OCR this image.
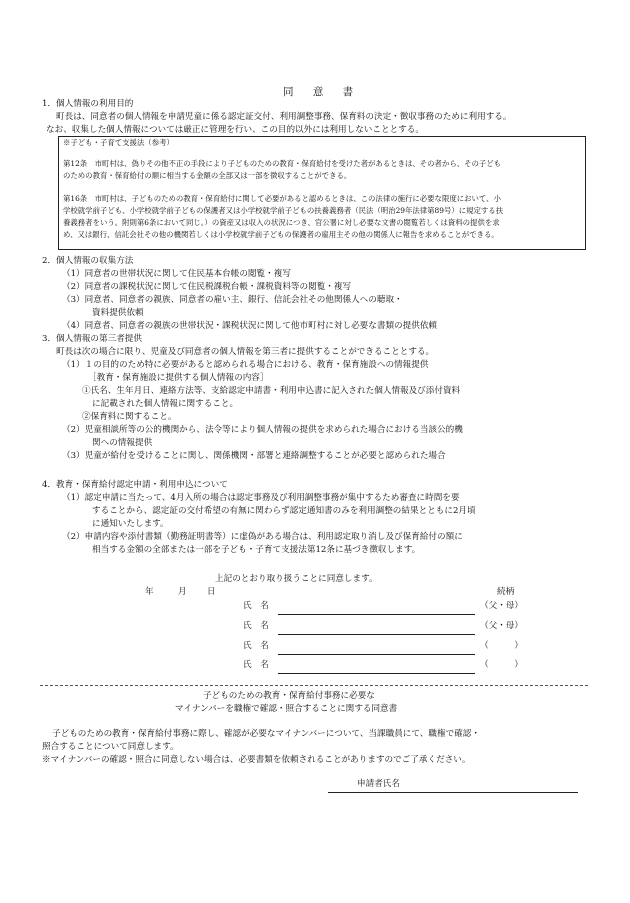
同 意 書
1．個人情報の利用目的
町長は、同意者の個人情報を申請児童に係る認定証交付、利用調整事務、保育料の決定・徴収事務のために利用する。
なお、収集した個人情報については厳正に管理を行い、この目的以外には利用しないこととする。
※子ども・子育て支援法（参考）
第12条　市町村は、偽りその他不正の手段により子どものための教育・保育給付を受けた者があるときは、その者から、その子ども
のための教育・保育給付の額に相当する金額の全部又は一部を徴収することができる。
第16条　市町村は、子どものための教育・保育給付に関して必要があると認めるときは、この法律の施行に必要な限度において、小
学校就学前子ども、小学校就学前子どもの保護者又は小学校就学前子どもの扶養義務者（民法（明治29年法律第89号）に規定する扶
養義務者をいう。附則第6条において同じ。）の資産又は収入の状況につき、官公署に対し必要な文書の閲覧若しくは資料の提供を求
め、又は銀行、信託会社その他の機関若しくは小学校就学前子どもの保護者の雇用主その他の関係人に報告を求めることができる。
2．個人情報の収集方法
（1）同意者の世帯状況に関して住民基本台帳の閲覧・複写
（2）同意者の課税状況に関して住民税課税台帳・課税資料等の閲覧・複写
（3）同意者、同意者の親族、同意者の雇い主、銀行、信託会社その他関係人への聴取・
資料提供依頼
（4）同意者、同意者の親族の世帯状況・課税状況に関して他市町村に対し必要な書類の提供依頼
3．個人情報の第三者提供
町長は次の場合に限り、児童及び同意者の個人情報を第三者に提供することができることとする。
（1）１の目的のため特に必要があると認められる場合における、教育・保育施設への情報提供
［教育・保育施設に提供する個人情報の内容］
①氏名、生年月日、連絡方法等、支給認定申請書・利用申込書に記入された個人情報及び添付資料
に記載された個人情報に関すること。
②保育料に関すること。
（2）児童相談所等の公的機関から、法令等により個人情報の提供を求められた場合における当該公的機
関への情報提供
（3）児童が給付を受けることに関し、関係機関・部署と連絡調整することが必要と認められた場合
4．教育・保育給付認定申請・利用申込について
（1）認定申請に当たって、4月入所の場合は認定事務及び利用調整事務が集中するため審査に時間を要
することから、認定証の交付希望の有無に関わらず認定通知書のみを利用調整の結果とともに2月頃
に通知いたします。
（2）申請内容や添付書類（勤務証明書等）に虚偽がある場合は、利用認定取り消し及び保育給付の額に
相当する金額の全部または一部を子ども・子育て支援法第12条に基づき徴収します。
上記のとおり取り扱うことに同意します。
年	月 日	続柄
氏　名	（父・母）
氏　名	（父・母）
氏　名	（　　　）
氏　名	（　　　）
子どものための教育・保育給付事務に必要な
マイナンバーを職権で確認・照合することに関する同意書
子どものための教育・保育給付事務に際し、確認が必要なマイナンバーについて、当課職員にて、職権で確認・
照合することについて同意します。
※マイナンバーの確認・照合に同意しない場合は、必要書類を依頼されることがありますのでご了承ください。
申請者氏名
